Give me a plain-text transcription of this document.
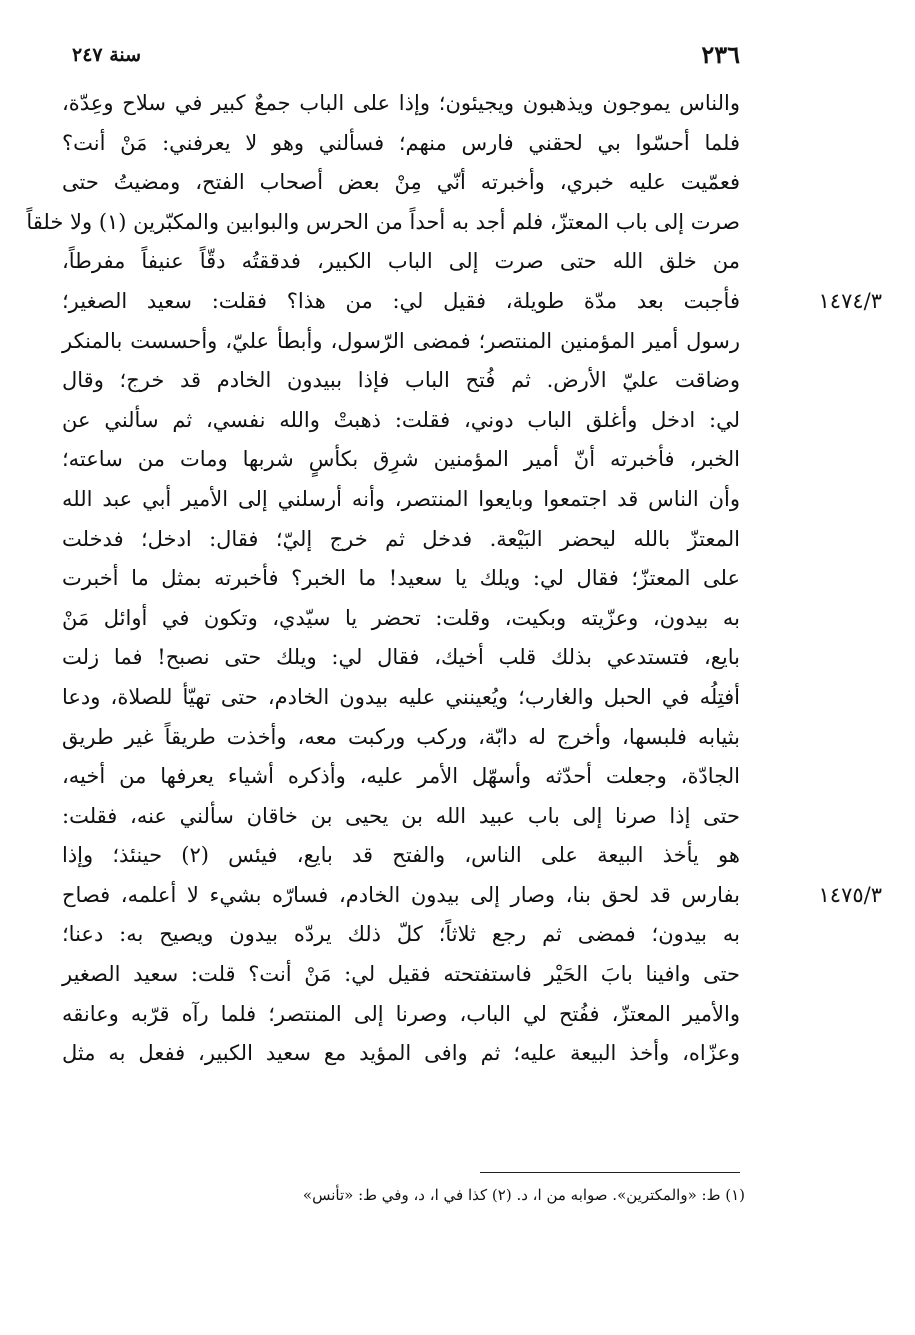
٢٣٦
سنة ٢٤٧
والناس يموجون ويذهبون ويجيئون؛ وإذا على الباب جمعٌ كبير في سلاح وعِدّة،
فلما أحسّوا بي لحقني فارس منهم؛ فسألني وهو لا يعرفني: مَنْ أنت؟
فعمّيت عليه خبري، وأخبرته أنّي مِنْ بعض أصحاب الفتح، ومضيتُ حتى
صرت إلى باب المعتزّ، فلم أجد به أحداً من الحرس والبوابين والمكبّرين (١) ولا خلقاً
من خلق الله حتى صرت إلى الباب الكبير، فدققتُه دقّاً عنيفاً مفرطاً،
فأجبت بعد مدّة طويلة، فقيل لي: من هذا؟ فقلت: سعيد الصغير؛
رسول أمير المؤمنين المنتصر؛ فمضى الرّسول، وأبطأ عليّ، وأحسست بالمنكر
وضاقت عليّ الأرض. ثم فُتح الباب فإذا ببيدون الخادم قد خرج؛ وقال
لي: ادخل وأغلق الباب دوني، فقلت: ذهبتْ والله نفسي، ثم سألني عن
الخبر، فأخبرته أنّ أمير المؤمنين شرِق بكأسٍ شربها ومات من ساعته؛
وأن الناس قد اجتمعوا وبايعوا المنتصر، وأنه أرسلني إلى الأمير أبي عبد الله
المعتزّ بالله ليحضر البَيْعة. فدخل ثم خرج إليّ؛ فقال: ادخل؛ فدخلت
على المعتزّ؛ فقال لي: ويلك يا سعيد! ما الخبر؟ فأخبرته بمثل ما أخبرت
به بيدون، وعزّيته وبكيت، وقلت: تحضر يا سيّدي، وتكون في أوائل مَنْ
بايع، فتستدعي بذلك قلب أخيك، فقال لي: ويلك حتى نصبح! فما زلت
أفتِلُه في الحبل والغارب؛ ويُعينني عليه بيدون الخادم، حتى تهيّأ للصلاة، ودعا
بثيابه فلبسها، وأخرج له دابّة، وركب وركبت معه، وأخذت طريقاً غير طريق
الجادّة، وجعلت أحدّثه وأسهّل الأمر عليه، وأذكره أشياء يعرفها من أخيه،
حتى إذا صرنا إلى باب عبيد الله بن يحيى بن خاقان سألني عنه، فقلت:
هو يأخذ البيعة على الناس، والفتح قد بايع، فيئس (٢) حينئذ؛ وإذا
بفارس قد لحق بنا، وصار إلى بيدون الخادم، فسارّه بشيء لا أعلمه، فصاح
به بيدون؛ فمضى ثم رجع ثلاثاً؛ كلّ ذلك يردّه بيدون ويصيح به: دعنا؛
حتى وافينا بابَ الحَيْر فاستفتحته فقيل لي: مَنْ أنت؟ قلت: سعيد الصغير
والأمير المعتزّ، ففُتح لي الباب، وصرنا إلى المنتصر؛ فلما رآه قرّبه وعانقه
وعزّاه، وأخذ البيعة عليه؛ ثم وافى المؤيد مع سعيد الكبير، ففعل به مثل
١٤٧٤/٣
١٤٧٥/٣
(١) ط: «والمكترين». صوابه من ا، د. (٢) كذا في ا، د، وفي ط: «تأنس»
